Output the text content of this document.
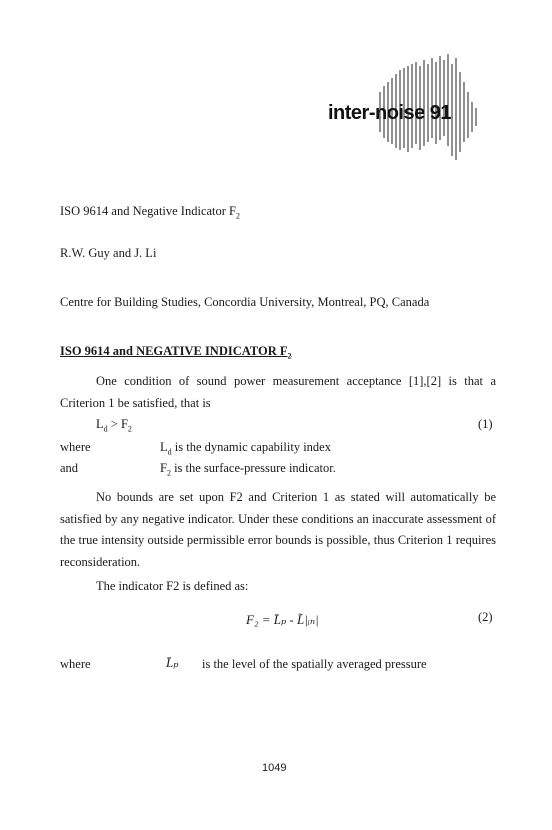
inter-noise 91
ISO 9614 and Negative Indicator $F_2$
R.W. Guy and J. Li
Centre for Building Studies, Concordia University, Montreal, PQ, Canada
ISO 9614 and NEGATIVE INDICATOR $F_2$
One condition of sound power measurement acceptance [1],[2] is that a Criterion 1 be satisfied, that is
$L_d > F_2$	(1)
where	$L_d$ is the dynamic capability index
and	$F_2$ is the surface-pressure indicator.
No bounds are set upon F2 and Criterion 1 as stated will automatically be satisfied by any negative indicator. Under these conditions an inaccurate assessment of the true intensity outside permissible error bounds is possible, thus Criterion 1 requires reconsideration.
The indicator F2 is defined as:
F₂ = L̄ₚ - L̃|ᵢₙ|	(2)
where	L̄ₚ is the level of the spatially averaged pressure
1049
